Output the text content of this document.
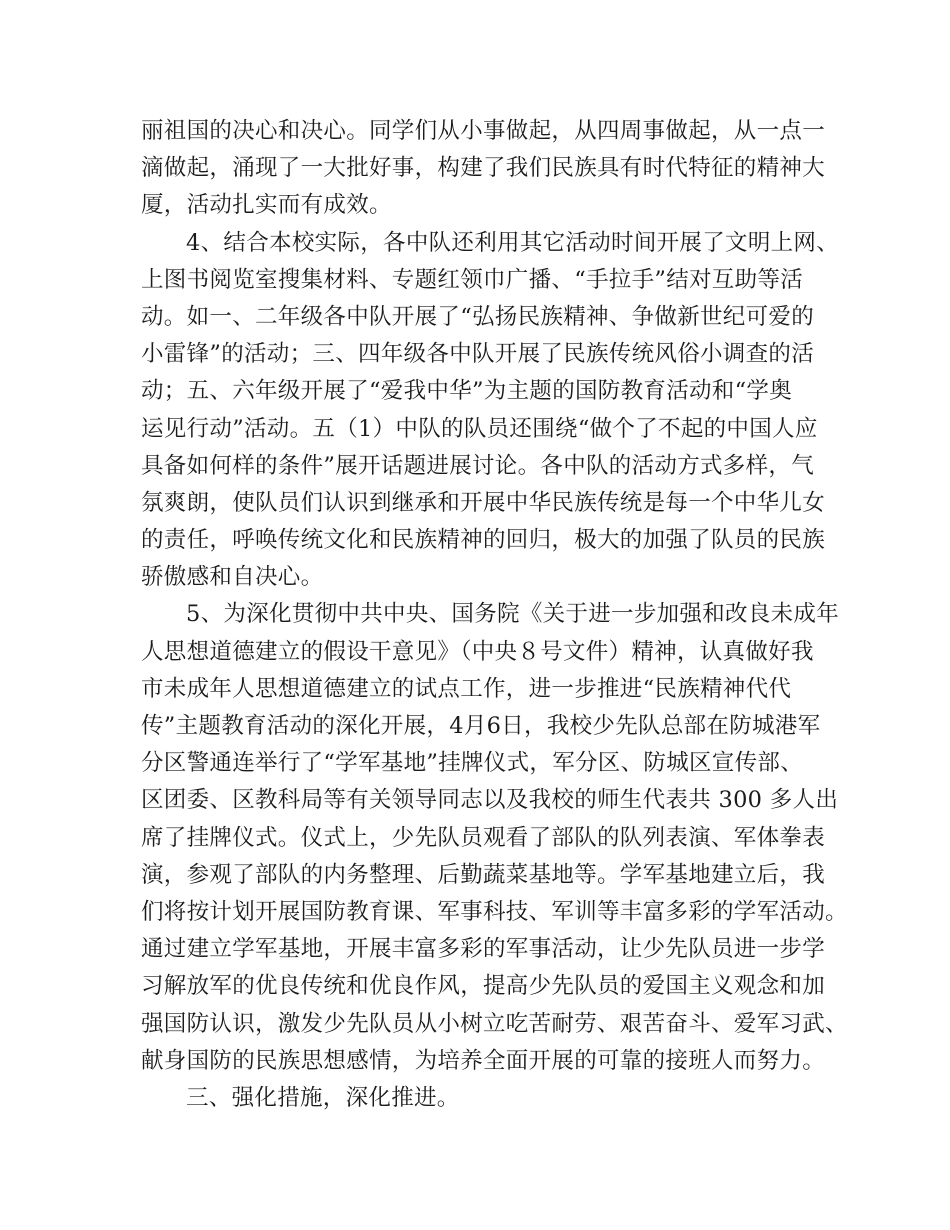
丽祖国的决心和决心。同学们从小事做起，从四周事做起，从一点一
滴做起，涌现了一大批好事，构建了我们民族具有时代特征的精神大
厦，活动扎实而有成效。
4、结合本校实际，各中队还利用其它活动时间开展了文明上网、
上图书阅览室搜集材料、专题红领巾广播、“手拉手”结对互助等活
动。如一、二年级各中队开展了“弘扬民族精神、争做新世纪可爱的
小雷锋”的活动；三、四年级各中队开展了民族传统风俗小调查的活
动；五、六年级开展了“爱我中华”为主题的国防教育活动和“学奥
运见行动”活动。五（1）中队的队员还围绕“做个了不起的中国人应
具备如何样的条件”展开话题进展讨论。各中队的活动方式多样，气
氛爽朗，使队员们认识到继承和开展中华民族传统是每一个中华儿女
的责任，呼唤传统文化和民族精神的回归，极大的加强了队员的民族
骄傲感和自决心。
5、为深化贯彻中共中央、国务院《关于进一步加强和改良未成年
人思想道德建立的假设干意见》（中央８号文件）精神，认真做好我
市未成年人思想道德建立的试点工作，进一步推进“民族精神代代
传”主题教育活动的深化开展，4月6日，我校少先队总部在防城港军
分区警通连举行了“学军基地”挂牌仪式，军分区、防城区宣传部、
区团委、区教科局等有关领导同志以及我校的师生代表共 300 多人出
席了挂牌仪式。仪式上，少先队员观看了部队的队列表演、军体拳表
演，参观了部队的内务整理、后勤蔬菜基地等。学军基地建立后，我
们将按计划开展国防教育课、军事科技、军训等丰富多彩的学军活动。
通过建立学军基地，开展丰富多彩的军事活动，让少先队员进一步学
习解放军的优良传统和优良作风，提高少先队员的爱国主义观念和加
强国防认识，激发少先队员从小树立吃苦耐劳、艰苦奋斗、爱军习武、
献身国防的民族思想感情，为培养全面开展的可靠的接班人而努力。
三、强化措施，深化推进。
